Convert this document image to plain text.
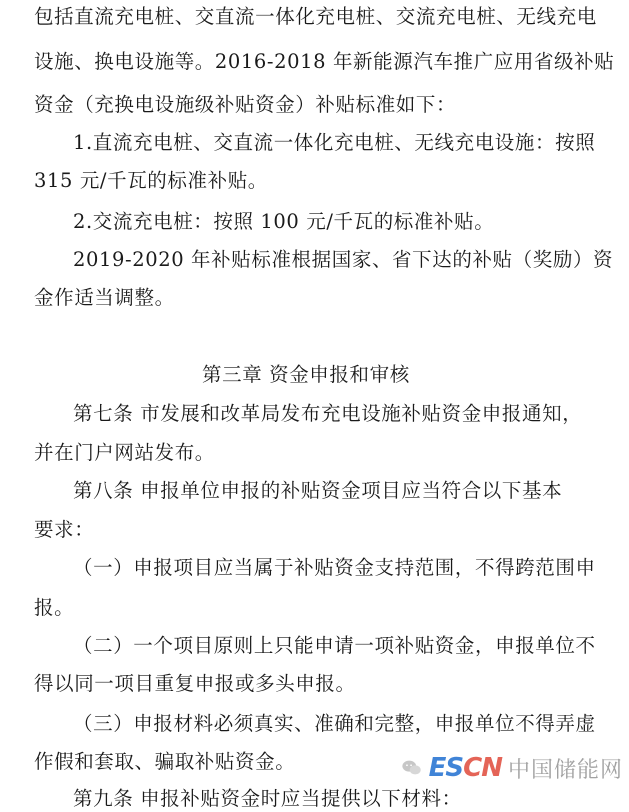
包括直流充电桩、交直流一体化充电桩、交流充电桩、无线充电
设施、换电设施等。2016-2018 年新能源汽车推广应用省级补贴
资金（充换电设施级补贴资金）补贴标准如下：
1.直流充电桩、交直流一体化充电桩、无线充电设施：按照
315 元/千瓦的标准补贴。
2.交流充电桩：按照 100 元/千瓦的标准补贴。
2019-2020 年补贴标准根据国家、省下达的补贴（奖励）资
金作适当调整。
第三章 资金申报和审核
第七条 市发展和改革局发布充电设施补贴资金申报通知，
并在门户网站发布。
第八条 申报单位申报的补贴资金项目应当符合以下基本
要求：
（一）申报项目应当属于补贴资金支持范围，不得跨范围申
报。
（二）一个项目原则上只能申请一项补贴资金，申报单位不
得以同一项目重复申报或多头申报。
（三）申报材料必须真实、准确和完整，申报单位不得弄虚
作假和套取、骗取补贴资金。
第九条 申报补贴资金时应当提供以下材料：
ESCN 中国储能网
